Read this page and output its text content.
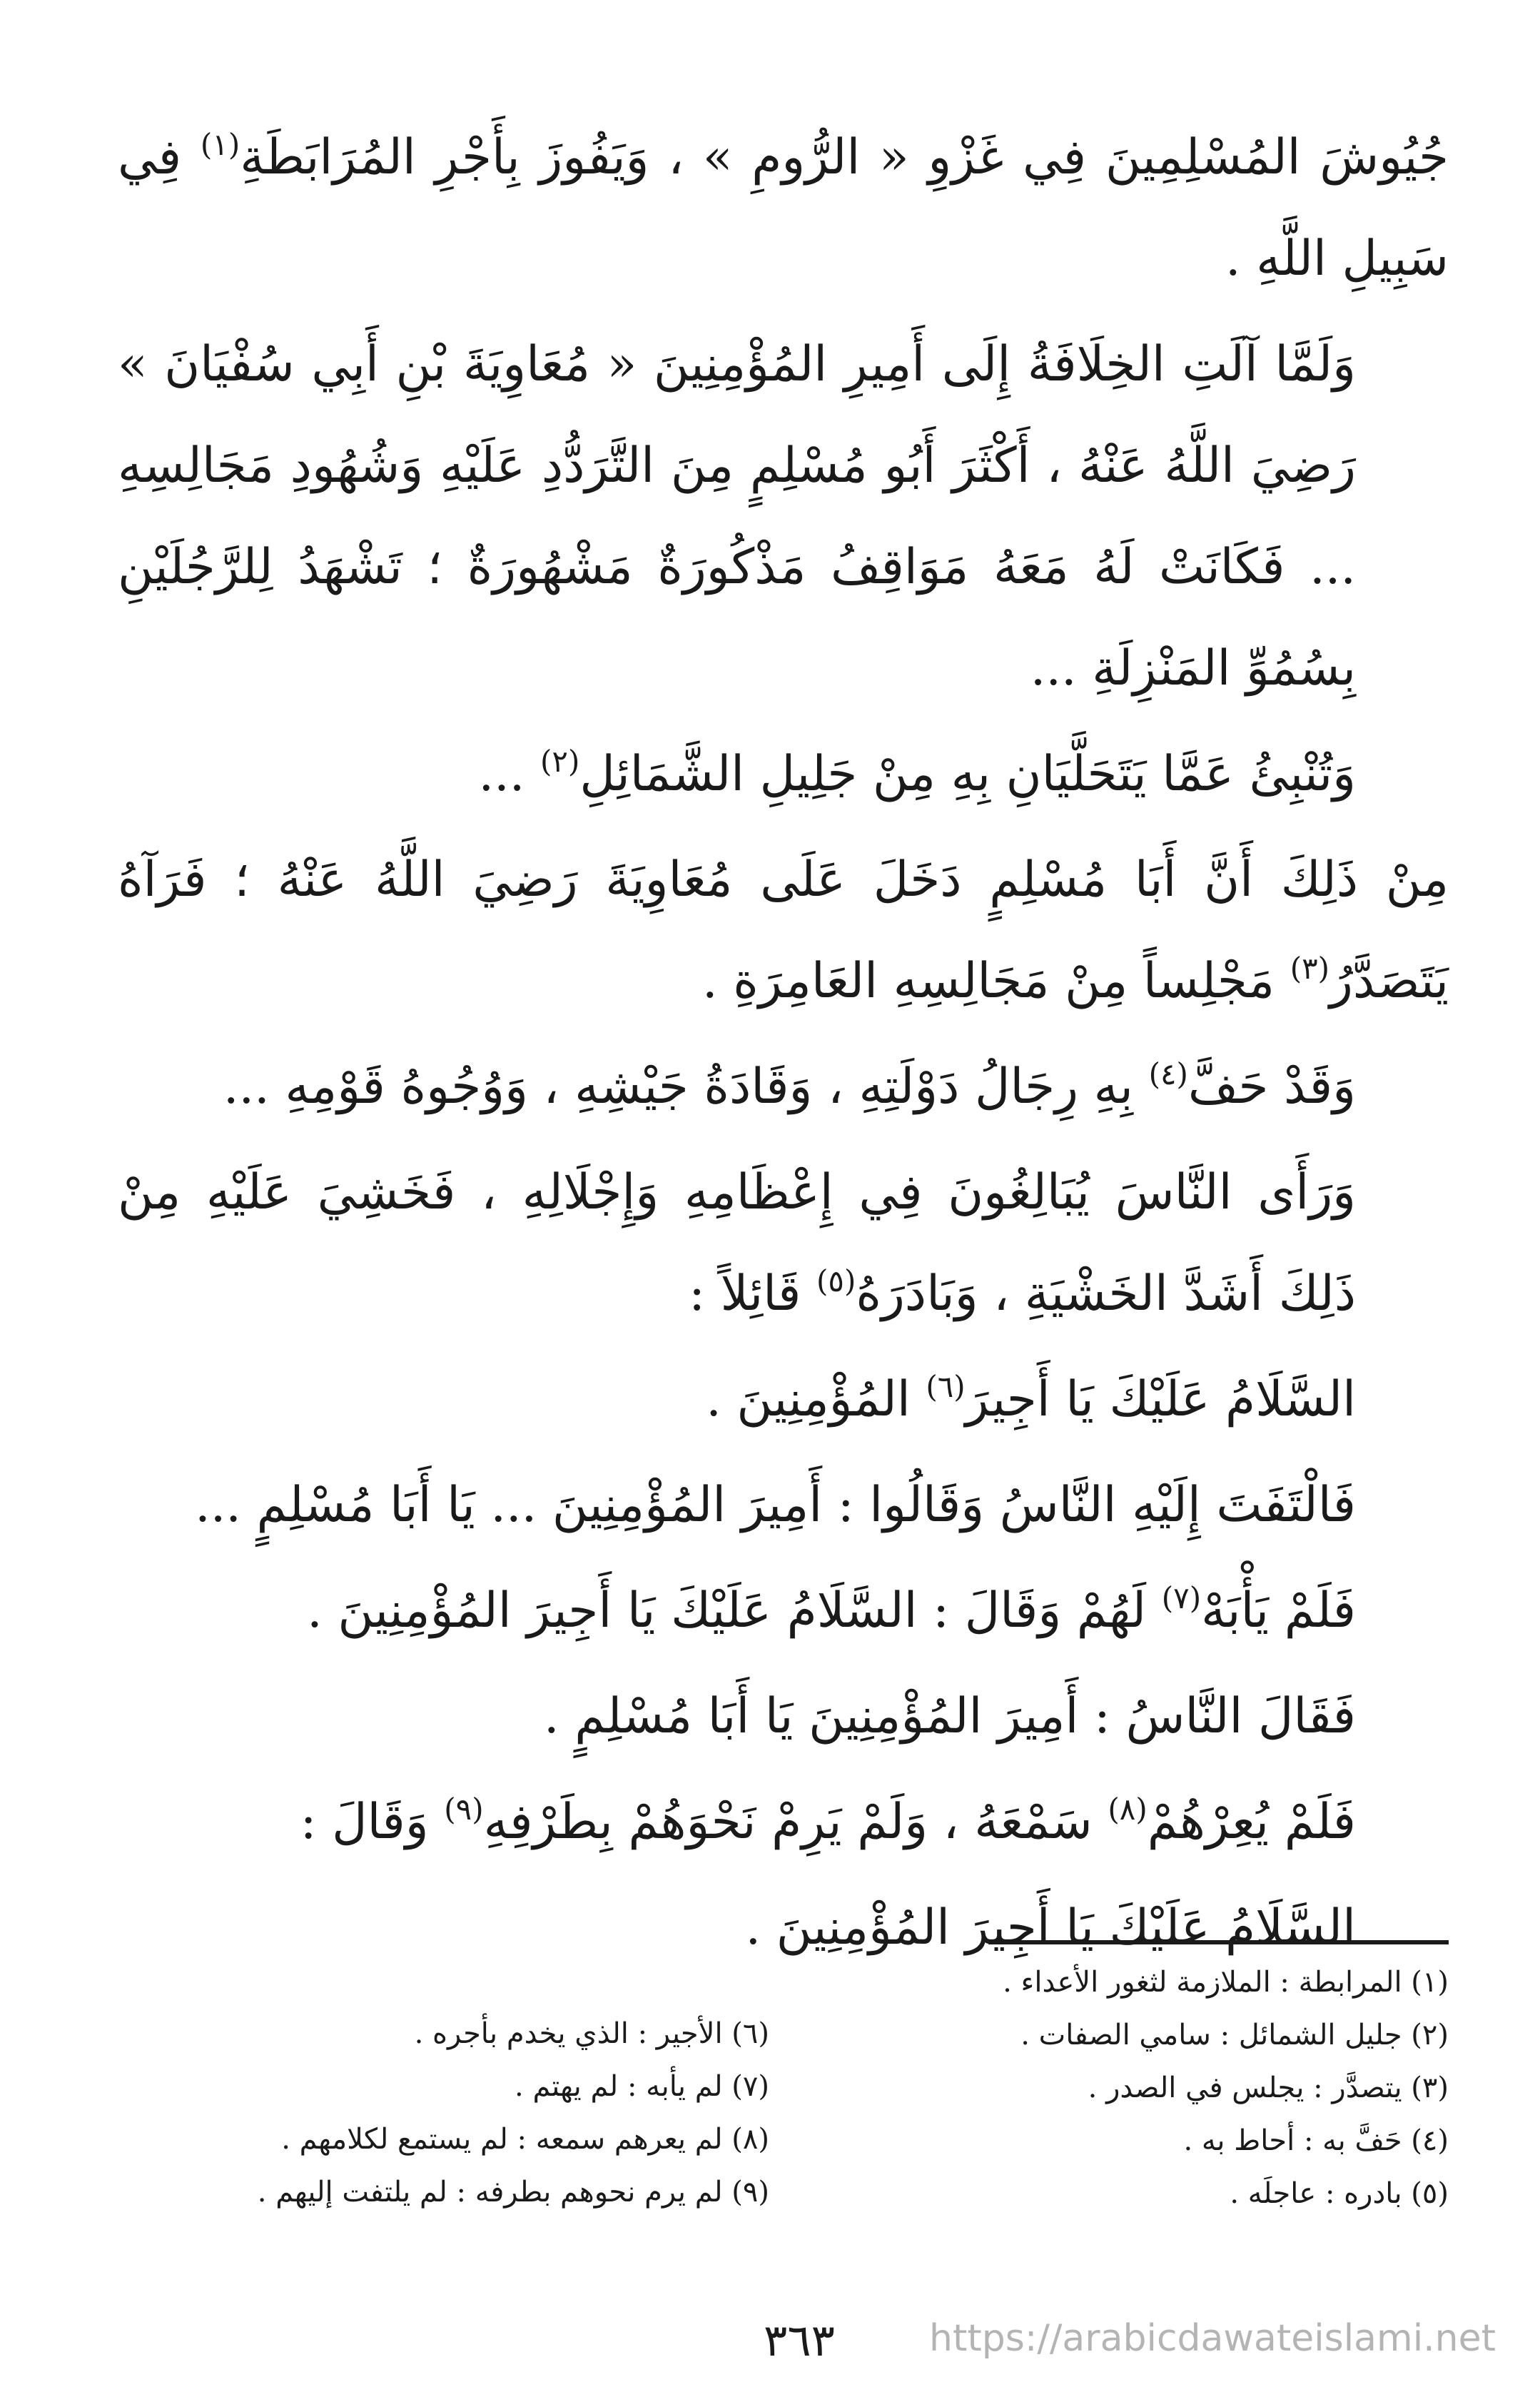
جُيُوشَ المُسْلِمِينَ فِي غَزْوِ « الرُّومِ » ، وَيَفُوزَ بِأَجْرِ المُرَابَطَةِ$^{(١)}$ فِي سَبِيلِ اللَّهِ .

وَلَمَّا آلَتِ الخِلَافَةُ إِلَى أَمِيرِ المُؤْمِنِينَ « مُعَاوِيَةَ بْنِ أَبِي سُفْيَانَ » رَضِيَ اللَّهُ عَنْهُ ، أَكْثَرَ أَبُو مُسْلِمٍ مِنَ التَّرَدُّدِ عَلَيْهِ وَشُهُودِ مَجَالِسِهِ ... فَكَانَتْ لَهُ مَعَهُ مَوَاقِفُ مَذْكُورَةٌ مَشْهُورَةٌ ؛ تَشْهَدُ لِلرَّجُلَيْنِ بِسُمُوِّ المَنْزِلَةِ ...

وَتُنْبِئُ عَمَّا يَتَحَلَّيَانِ بِهِ مِنْ جَلِيلِ الشَّمَائِلِ$^{(٢)}$ ...

مِنْ ذَلِكَ أَنَّ أَبَا مُسْلِمٍ دَخَلَ عَلَى مُعَاوِيَةَ رَضِيَ اللَّهُ عَنْهُ ؛ فَرَآهُ يَتَصَدَّرُ$^{(٣)}$ مَجْلِساً مِنْ مَجَالِسِهِ العَامِرَةِ .

وَقَدْ حَفَّ$^{(٤)}$ بِهِ رِجَالُ دَوْلَتِهِ ، وَقَادَةُ جَيْشِهِ ، وَوُجُوهُ قَوْمِهِ ...

وَرَأَى النَّاسَ يُبَالِغُونَ فِي إِعْظَامِهِ وَإِجْلَالِهِ ، فَخَشِيَ عَلَيْهِ مِنْ ذَلِكَ أَشَدَّ الخَشْيَةِ ، وَبَادَرَهُ$^{(٥)}$ قَائِلاً :

السَّلَامُ عَلَيْكَ يَا أَجِيرَ$^{(٦)}$ المُؤْمِنِينَ .

فَالْتَفَتَ إِلَيْهِ النَّاسُ وَقَالُوا : أَمِيرَ المُؤْمِنِينَ ... يَا أَبَا مُسْلِمٍ ...

فَلَمْ يَأْبَهْ$^{(٧)}$ لَهُمْ وَقَالَ : السَّلَامُ عَلَيْكَ يَا أَجِيرَ المُؤْمِنِينَ .

فَقَالَ النَّاسُ : أَمِيرَ المُؤْمِنِينَ يَا أَبَا مُسْلِمٍ .

فَلَمْ يُعِرْهُمْ$^{(٨)}$ سَمْعَهُ ، وَلَمْ يَرِمْ نَحْوَهُمْ بِطَرْفِهِ$^{(٩)}$ وَقَالَ :

السَّلَامُ عَلَيْكَ يَا أَجِيرَ المُؤْمِنِينَ .

(١) المرابطة : الملازمة لثغور الأعداء .
(٢) جليل الشمائل : سامي الصفات .
(٣) يتصدَّر : يجلس في الصدر .
(٤) حَفَّ به : أحاط به .
(٥) بادره : عاجلَه .
(٦) الأجير : الذي يخدم بأجره .
(٧) لم يأبه : لم يهتم .
(٨) لم يعرهم سمعه : لم يستمع لكلامهم .
(٩) لم يرم نحوهم بطرفه : لم يلتفت إليهم .
٣٦٣	https://arabicdawateislami.net
